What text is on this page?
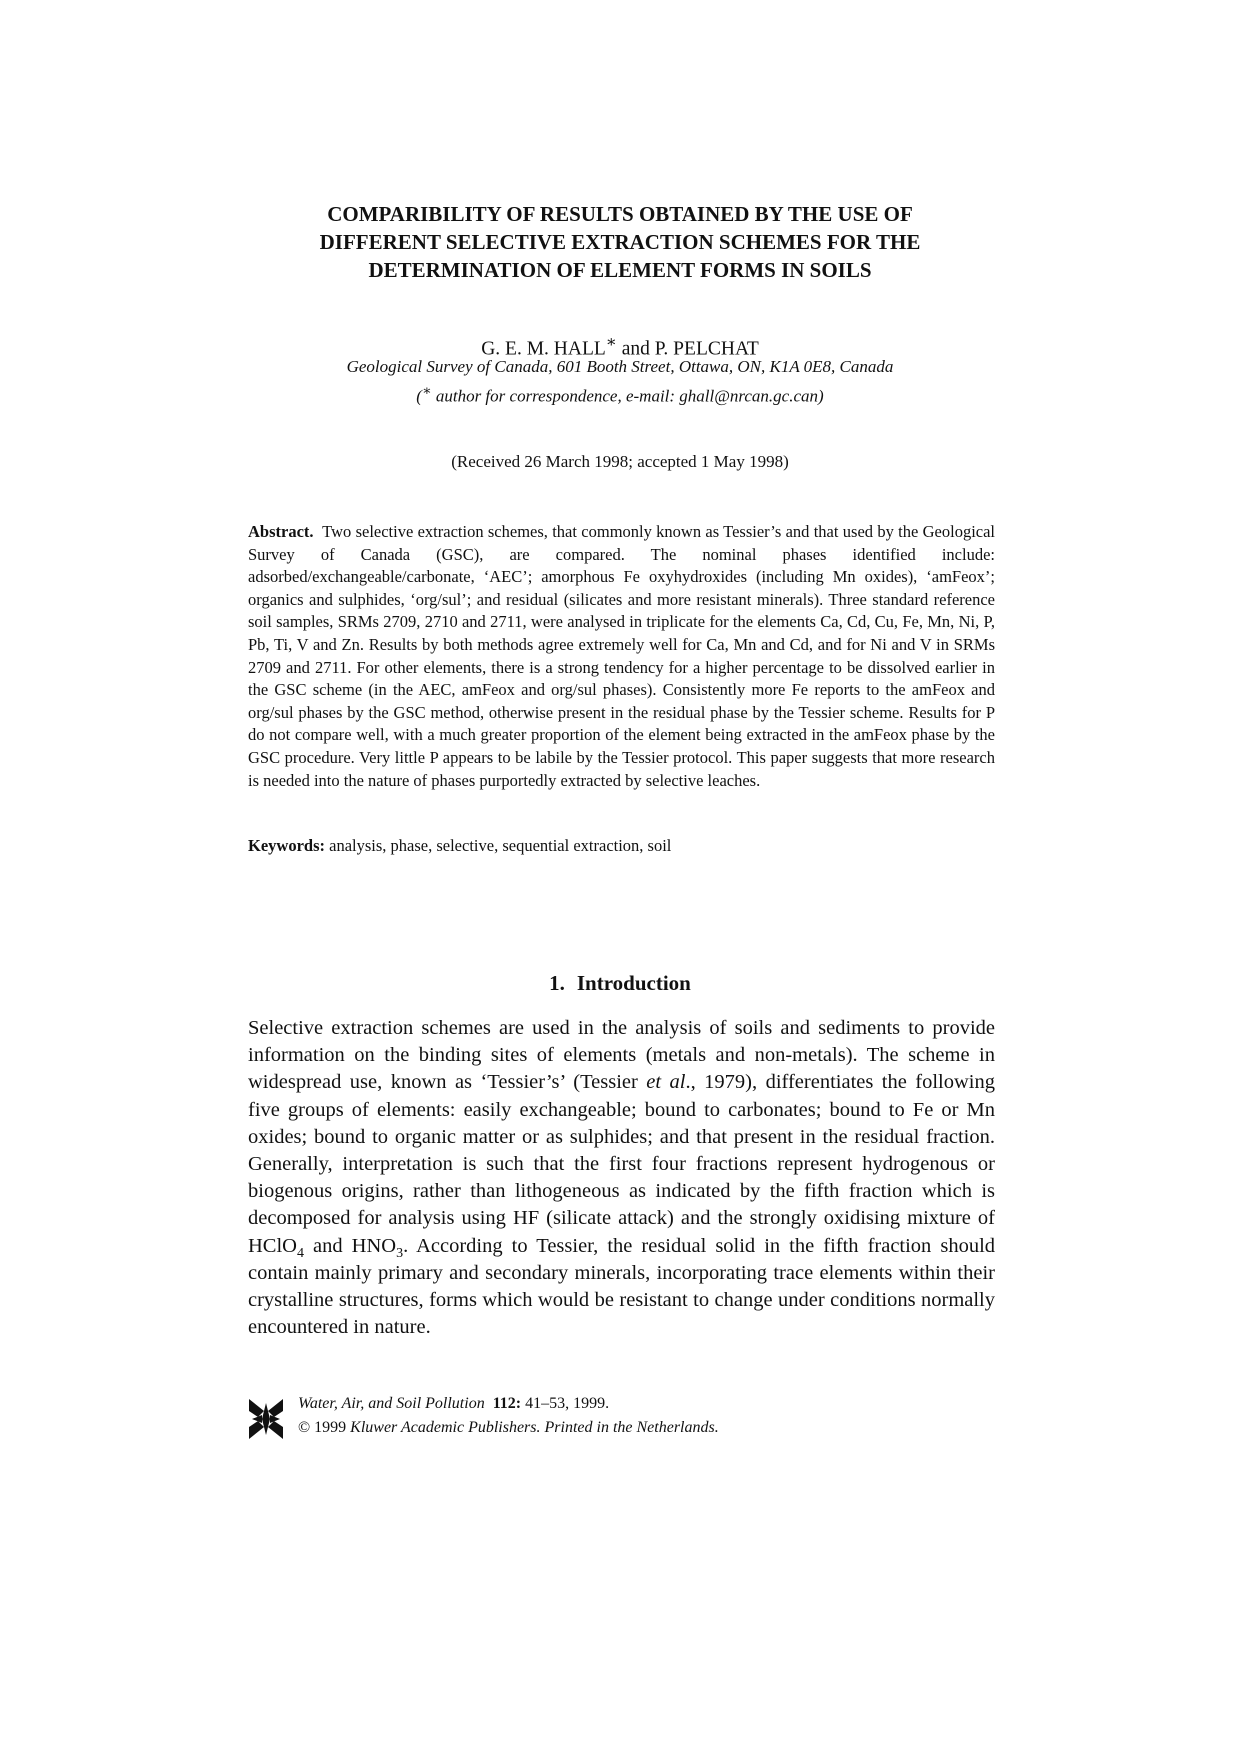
COMPARIBILITY OF RESULTS OBTAINED BY THE USE OF
DIFFERENT SELECTIVE EXTRACTION SCHEMES FOR THE
DETERMINATION OF ELEMENT FORMS IN SOILS
G. E. M. HALL∗ and P. PELCHAT
Geological Survey of Canada, 601 Booth Street, Ottawa, ON, K1A 0E8, Canada
(∗ author for correspondence, e-mail: ghall@nrcan.gc.can)
(Received 26 March 1998; accepted 1 May 1998)

Abstract. Two selective extraction schemes, that commonly known as Tessier’s and that used by the Geological Survey of Canada (GSC), are compared. The nominal phases identified include: adsorbed/exchangeable/carbonate, ‘AEC’; amorphous Fe oxyhydroxides (including Mn oxides), ‘amFeox’; organics and sulphides, ‘org/sul’; and residual (silicates and more resistant minerals). Three standard reference soil samples, SRMs 2709, 2710 and 2711, were analysed in triplicate for the elements Ca, Cd, Cu, Fe, Mn, Ni, P, Pb, Ti, V and Zn. Results by both methods agree extremely well for Ca, Mn and Cd, and for Ni and V in SRMs 2709 and 2711. For other elements, there is a strong tendency for a higher percentage to be dissolved earlier in the GSC scheme (in the AEC, amFeox and org/sul phases). Consistently more Fe reports to the amFeox and org/sul phases by the GSC method, otherwise present in the residual phase by the Tessier scheme. Results for P do not compare well, with a much greater proportion of the element being extracted in the amFeox phase by the GSC procedure. Very little P appears to be labile by the Tessier protocol. This paper suggests that more research is needed into the nature of phases purportedly extracted by selective leaches.

Keywords: analysis, phase, selective, sequential extraction, soil
1. Introduction

Selective extraction schemes are used in the analysis of soils and sediments to provide information on the binding sites of elements (metals and non-metals). The scheme in widespread use, known as ‘Tessier’s’ (Tessier et al., 1979), differentiates the following five groups of elements: easily exchangeable; bound to carbonates; bound to Fe or Mn oxides; bound to organic matter or as sulphides; and that present in the residual fraction. Generally, interpretation is such that the first four fractions represent hydrogenous or biogenous origins, rather than lithogeneous as indicated by the fifth fraction which is decomposed for analysis using HF (silicate attack) and the strongly oxidising mixture of HClO$_4$ and $HNO_3$. According to Tessier, the residual solid in the fifth fraction should contain mainly primary and secondary minerals, incorporating trace elements within their crystalline structures, forms which would be resistant to change under conditions normally encountered in nature.

Water, Air, and Soil Pollution 112: 41–53, 1999.
© 1999 Kluwer Academic Publishers. Printed in the Netherlands.
